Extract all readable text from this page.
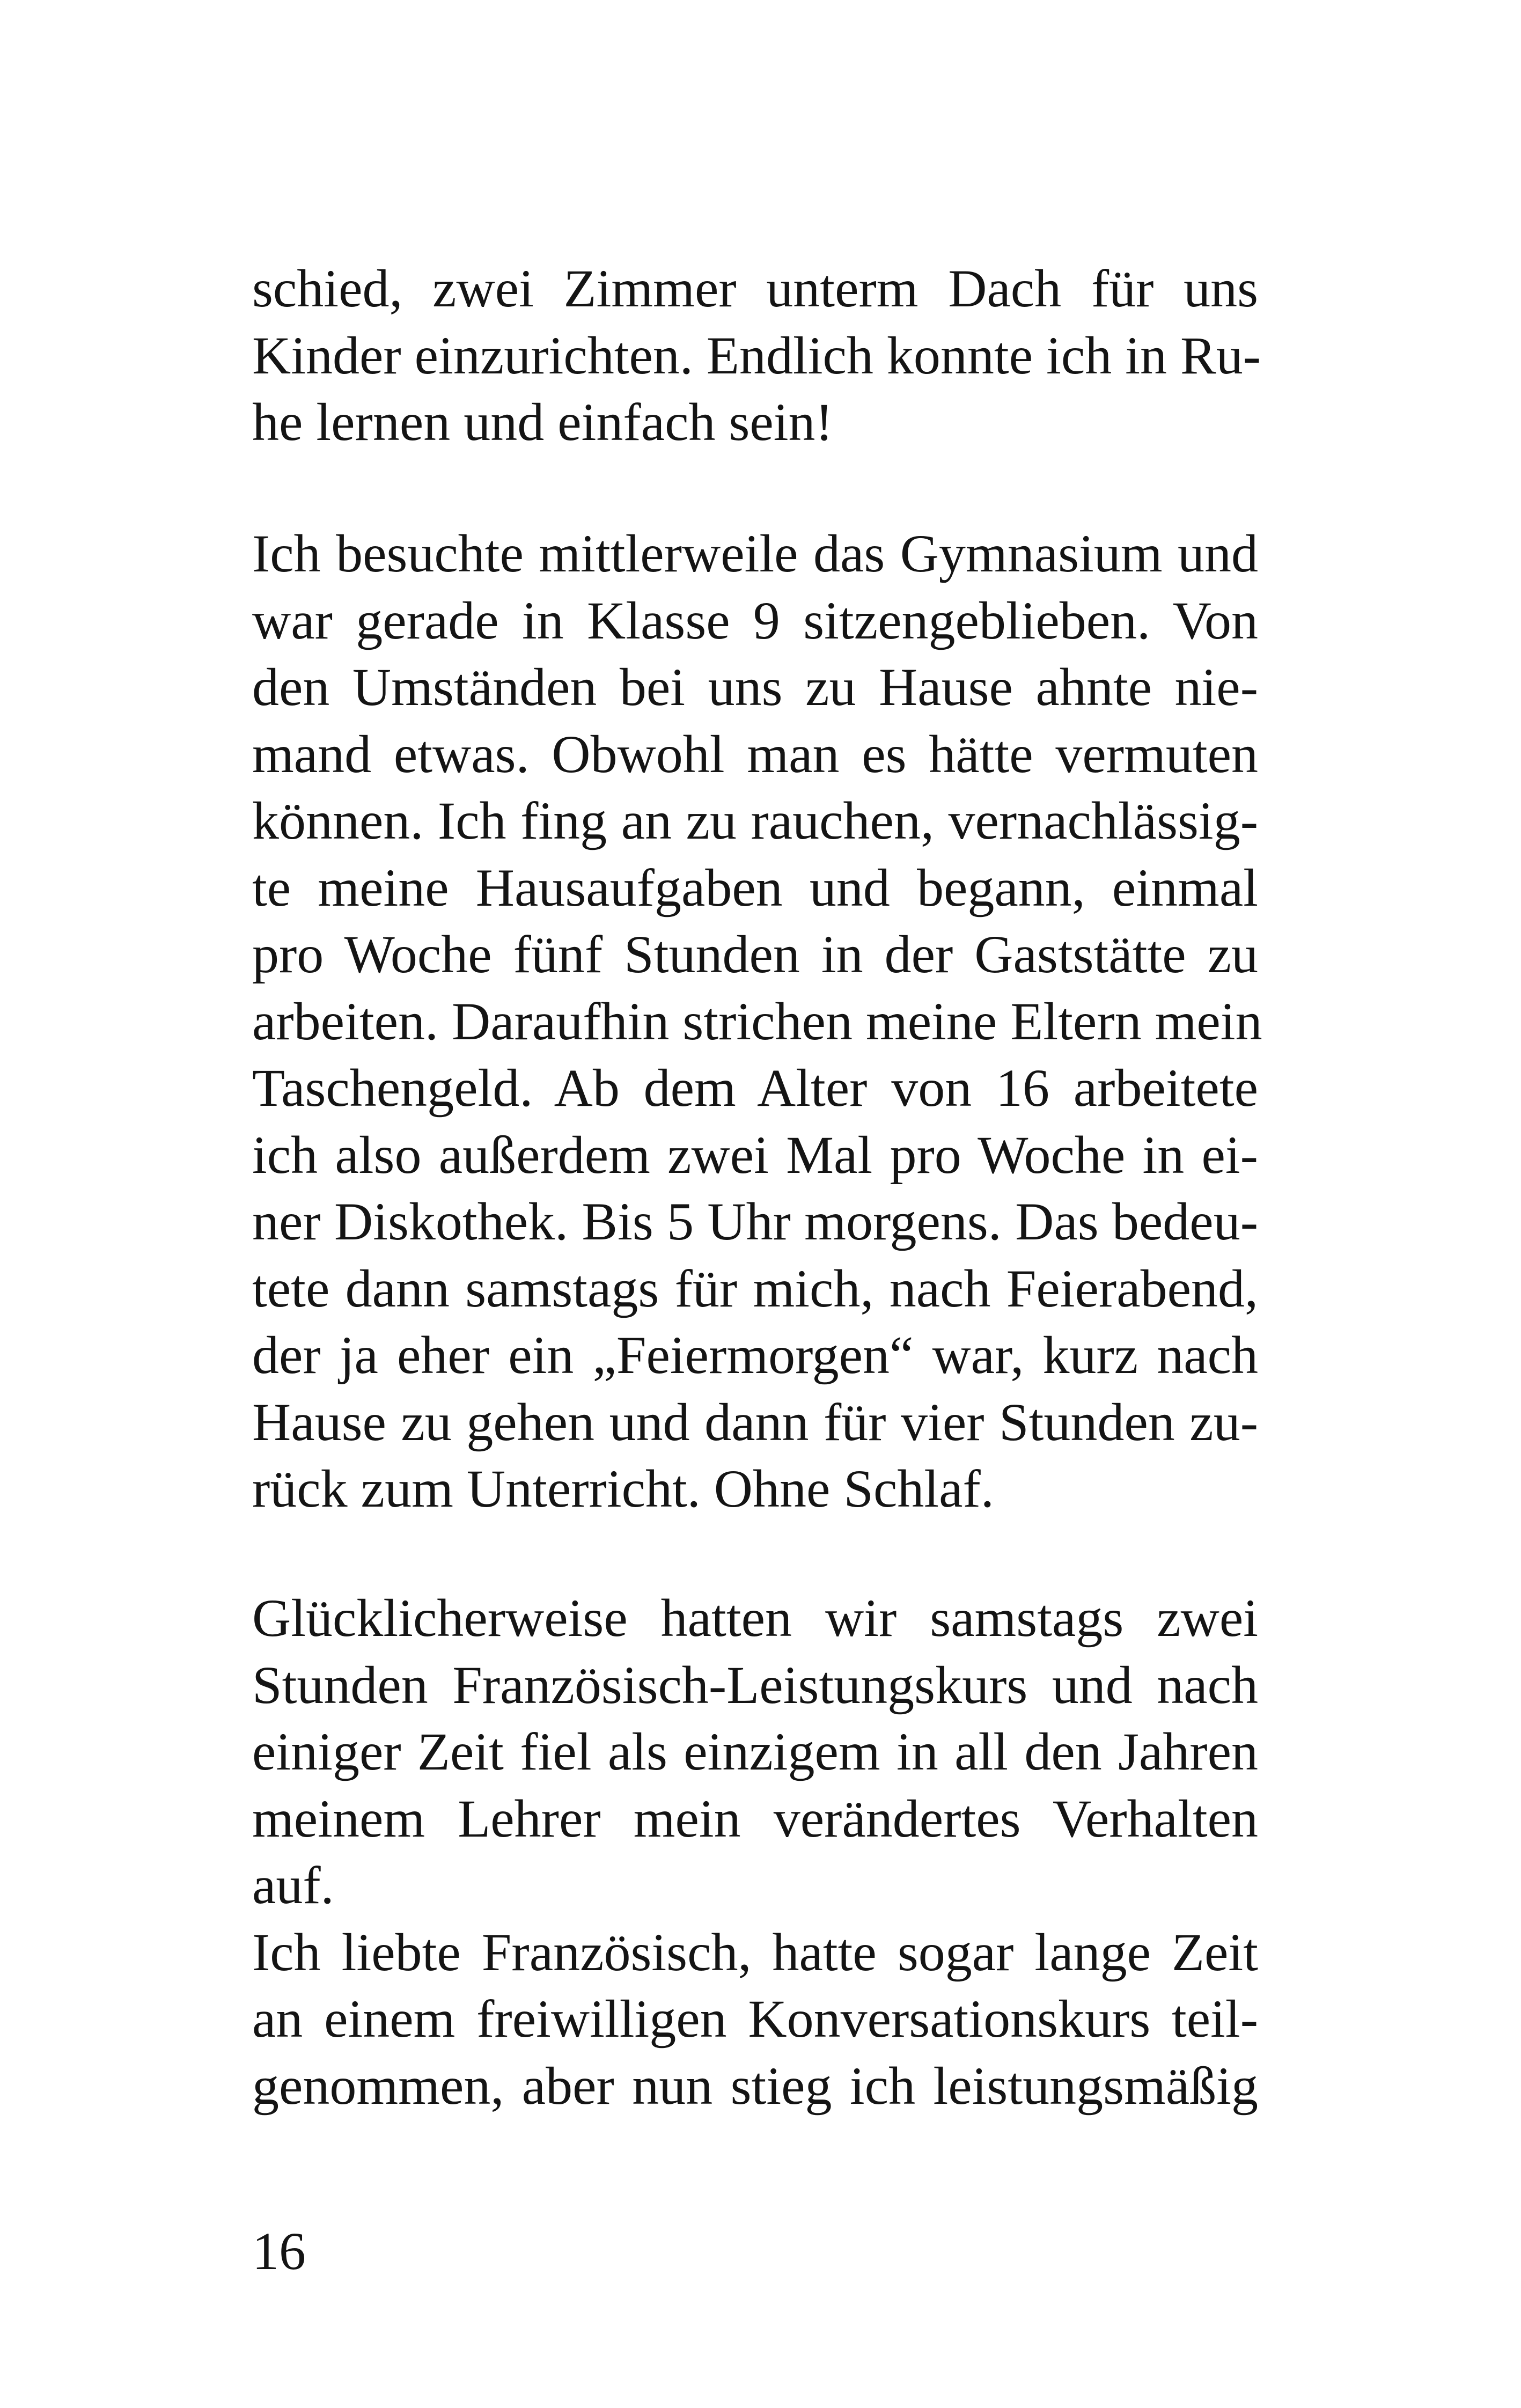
schied, zwei Zimmer unterm Dach für uns
Kinder einzurichten. Endlich konnte ich in Ru-
he lernen und einfach sein!

Ich besuchte mittlerweile das Gymnasium und
war gerade in Klasse 9 sitzengeblieben. Von
den Umständen bei uns zu Hause ahnte nie-
mand etwas. Obwohl man es hätte vermuten
können. Ich fing an zu rauchen, vernachlässig-
te meine Hausaufgaben und begann, einmal
pro Woche fünf Stunden in der Gaststätte zu
arbeiten. Daraufhin strichen meine Eltern mein
Taschengeld. Ab dem Alter von 16 arbeitete
ich also außerdem zwei Mal pro Woche in ei-
ner Diskothek. Bis 5 Uhr morgens. Das bedeu-
tete dann samstags für mich, nach Feierabend,
der ja eher ein „Feiermorgen“ war, kurz nach
Hause zu gehen und dann für vier Stunden zu-
rück zum Unterricht. Ohne Schlaf.

Glücklicherweise hatten wir samstags zwei
Stunden Französisch-Leistungskurs und nach
einiger Zeit fiel als einzigem in all den Jahren
meinem Lehrer mein verändertes Verhalten
auf.
Ich liebte Französisch, hatte sogar lange Zeit
an einem freiwilligen Konversationskurs teil-
genommen, aber nun stieg ich leistungsmäßig

16
